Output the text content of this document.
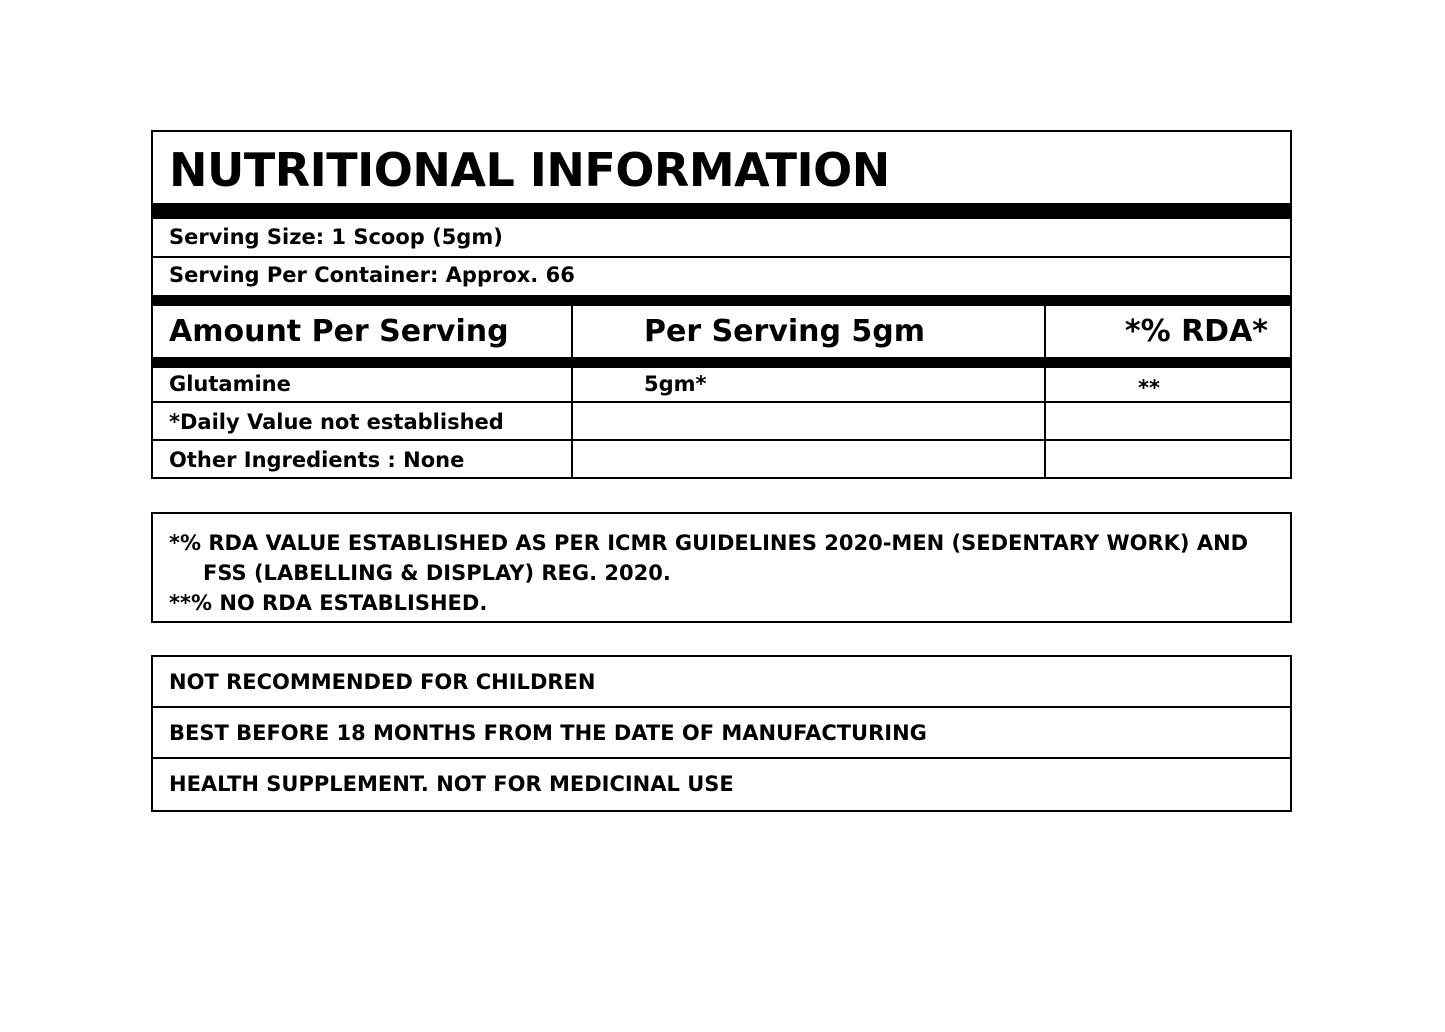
NUTRITIONAL INFORMATION
Serving Size: 1 Scoop (5gm)
Serving Per Container: Approx. 66
Amount Per Serving	Per Serving 5gm	*% RDA*
Glutamine	5gm*	**
*Daily Value not established
Other Ingredients : None
*% RDA VALUE ESTABLISHED AS PER ICMR GUIDELINES 2020-MEN (SEDENTARY WORK) AND
FSS (LABELLING & DISPLAY) REG. 2020.
**% NO RDA ESTABLISHED.
NOT RECOMMENDED FOR CHILDREN
BEST BEFORE 18 MONTHS FROM THE DATE OF MANUFACTURING
HEALTH SUPPLEMENT. NOT FOR MEDICINAL USE
